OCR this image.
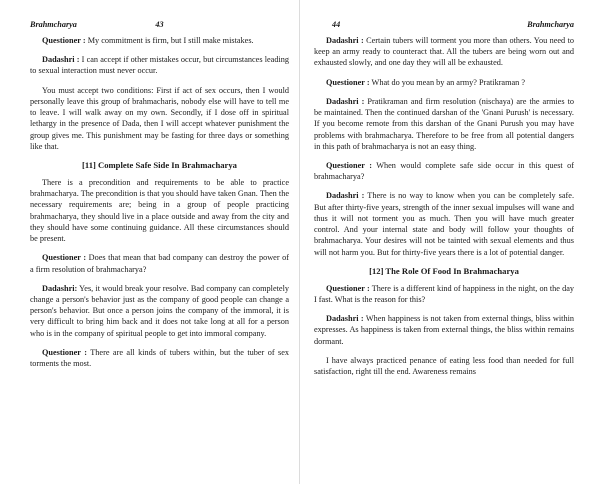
Brahmcharya	43

Questioner : My commitment is firm, but I still make mistakes.

Dadashri : I can accept if other mistakes occur, but circumstances leading to sexual interaction must never occur.

You must accept two conditions: First if act of sex occurs, then I would personally leave this group of brahmacharis, nobody else will have to tell me to leave. I will walk away on my own. Secondly, if I dose off in spiritual lethargy in the presence of Dada, then I will accept whatever punishment the group gives me. This punishment may be fasting for three days or something like that.

[11] Complete Safe Side In Brahmacharya

There is a precondition and requirements to be able to practice brahmacharya. The precondition is that you should have taken Gnan. Then the necessary requirements are; being in a group of people practicing brahmacharya, they should live in a place outside and away from the city and they should have some continuing guidance. All these circumstances should be present.

Questioner : Does that mean that bad company can destroy the power of a firm resolution of brahmacharya?

Dadashri: Yes, it would break your resolve. Bad company can completely change a person's behavior just as the company of good people can change a person's behavior. But once a person joins the company of the immoral, it is very difficult to bring him back and it does not take long at all for a person who is in the company of spiritual people to get into immoral company.

Questioner : There are all kinds of tubers within, but the tuber of sex torments the most.

44	Brahmcharya

Dadashri : Certain tubers will torment you more than others. You need to keep an army ready to counteract that. All the tubers are being worn out and exhausted slowly, and one day they will all be exhausted.

Questioner : What do you mean by an army? Pratikraman ?

Dadashri : Pratikraman and firm resolution (nischaya) are the armies to be maintained. Then the continued darshan of the 'Gnani Purush' is necessary. If you become remote from this darshan of the Gnani Purush you may have problems with brahmacharya. Therefore to be free from all potential dangers in this path of brahmacharya is not an easy thing.

Questioner : When would complete safe side occur in this quest of brahmacharya?

Dadashri : There is no way to know when you can be completely safe. But after thirty-five years, strength of the inner sexual impulses will wane and thus it will not torment you as much. Then you will have much greater control. And your internal state and body will follow your thoughts of brahmacharya. Your desires will not be tainted with sexual elements and thus will not harm you. But for thirty-five years there is a lot of potential danger.

[12] The Role Of Food In Brahmacharya

Questioner : There is a different kind of happiness in the night, on the day I fast. What is the reason for this?

Dadashri : When happiness is not taken from external things, bliss within expresses. As happiness is taken from external things, the bliss within remains dormant.

I have always practiced penance of eating less food than needed for full satisfaction, right till the end. Awareness remains
